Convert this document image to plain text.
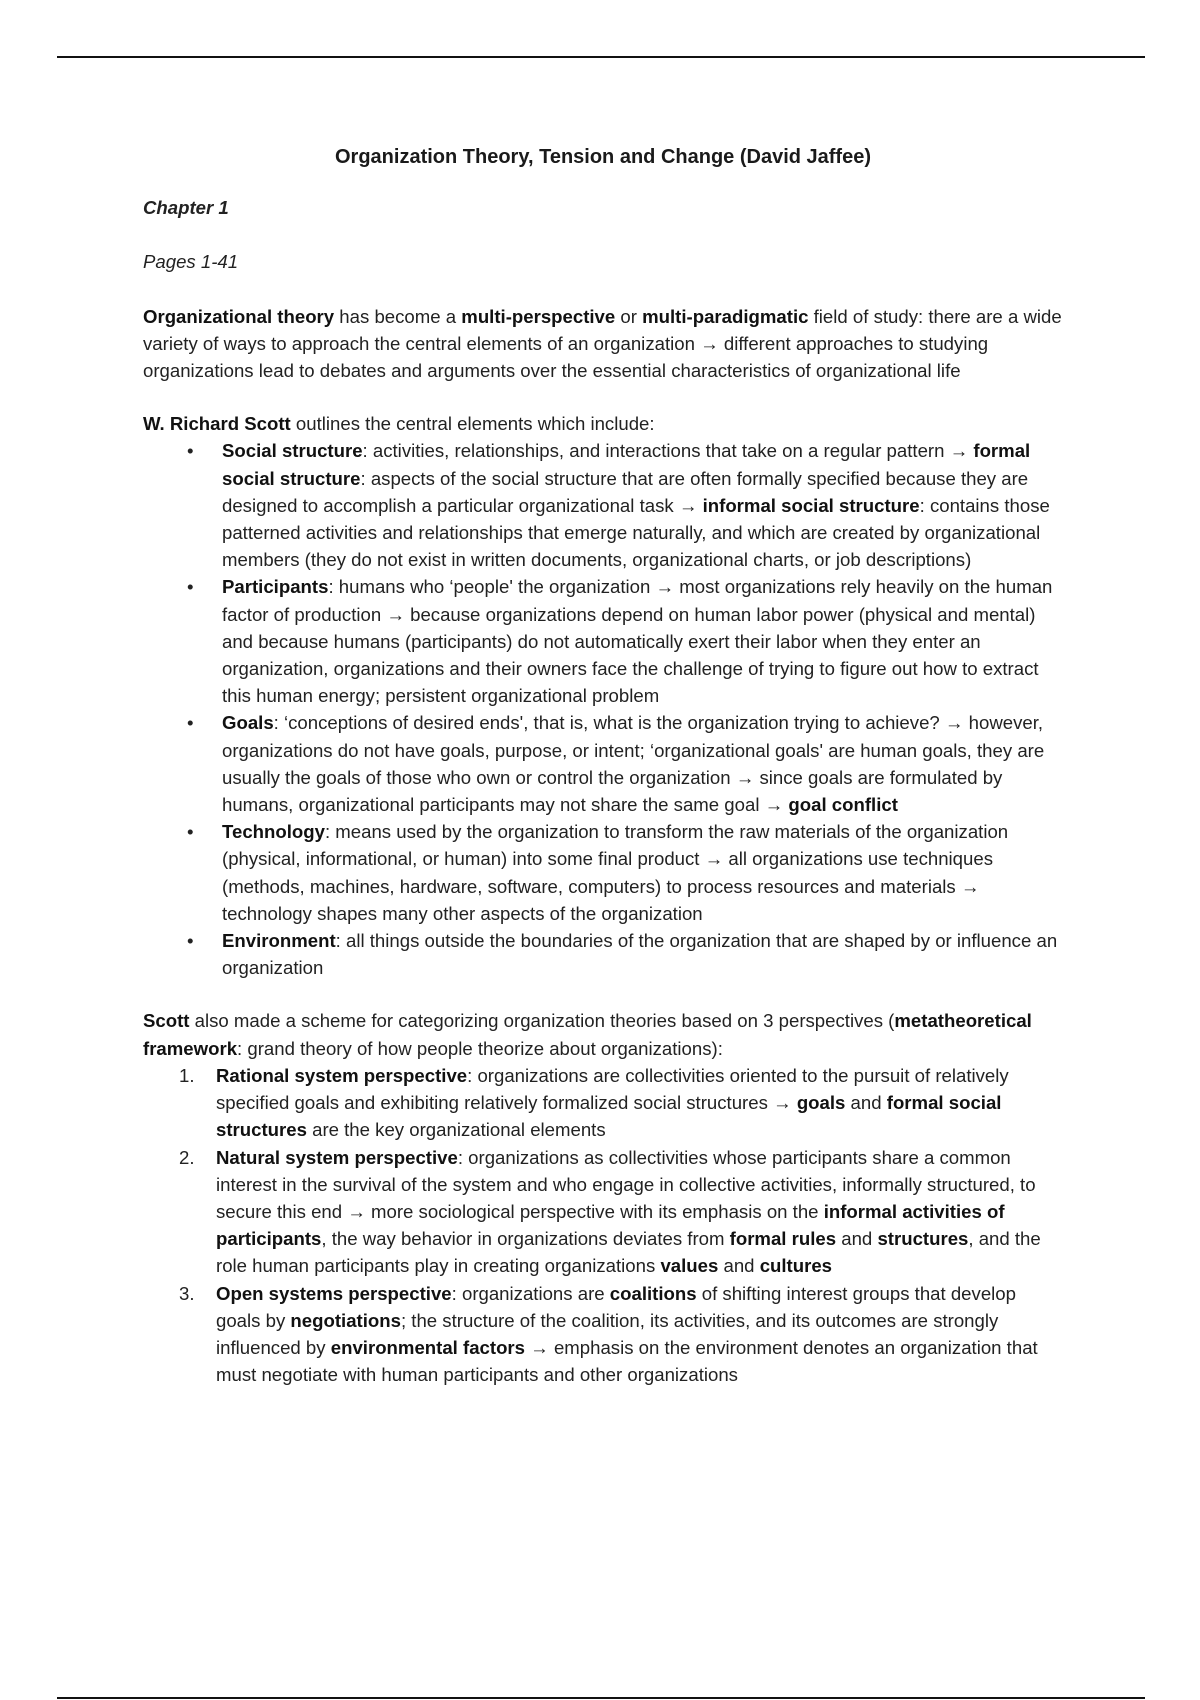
Organization Theory, Tension and Change (David Jaffee)
Chapter 1
Pages 1-41

Organizational theory has become a multi-perspective or multi-paradigmatic field of study: there are a wide variety of ways to approach the central elements of an organization → different approaches to studying organizations lead to debates and arguments over the essential characteristics of organizational life

W. Richard Scott outlines the central elements which include:

• Social structure: activities, relationships, and interactions that take on a regular pattern → formal social structure: aspects of the social structure that are often formally specified because they are designed to accomplish a particular organizational task → informal social structure: contains those patterned activities and relationships that emerge naturally, and which are created by organizational members (they do not exist in written documents, organizational charts, or job descriptions)
• Participants: humans who ‘people' the organization → most organizations rely heavily on the human factor of production → because organizations depend on human labor power (physical and mental) and because humans (participants) do not automatically exert their labor when they enter an organization, organizations and their owners face the challenge of trying to figure out how to extract this human energy; persistent organizational problem
• Goals: ‘conceptions of desired ends', that is, what is the organization trying to achieve? → however, organizations do not have goals, purpose, or intent; ‘organizational goals' are human goals, they are usually the goals of those who own or control the organization → since goals are formulated by humans, organizational participants may not share the same goal → goal conflict
• Technology: means used by the organization to transform the raw materials of the organization (physical, informational, or human) into some final product → all organizations use techniques (methods, machines, hardware, software, computers) to process resources and materials → technology shapes many other aspects of the organization
• Environment: all things outside the boundaries of the organization that are shaped by or influence an organization

Scott also made a scheme for categorizing organization theories based on 3 perspectives (metatheoretical framework: grand theory of how people theorize about organizations):

1. Rational system perspective: organizations are collectivities oriented to the pursuit of relatively specified goals and exhibiting relatively formalized social structures → goals and formal social structures are the key organizational elements
2. Natural system perspective: organizations as collectivities whose participants share a common interest in the survival of the system and who engage in collective activities, informally structured, to secure this end → more sociological perspective with its emphasis on the informal activities of participants, the way behavior in organizations deviates from formal rules and structures, and the role human participants play in creating organizations values and cultures
3. Open systems perspective: organizations are coalitions of shifting interest groups that develop goals by negotiations; the structure of the coalition, its activities, and its outcomes are strongly influenced by environmental factors → emphasis on the environment denotes an organization that must negotiate with human participants and other organizations
